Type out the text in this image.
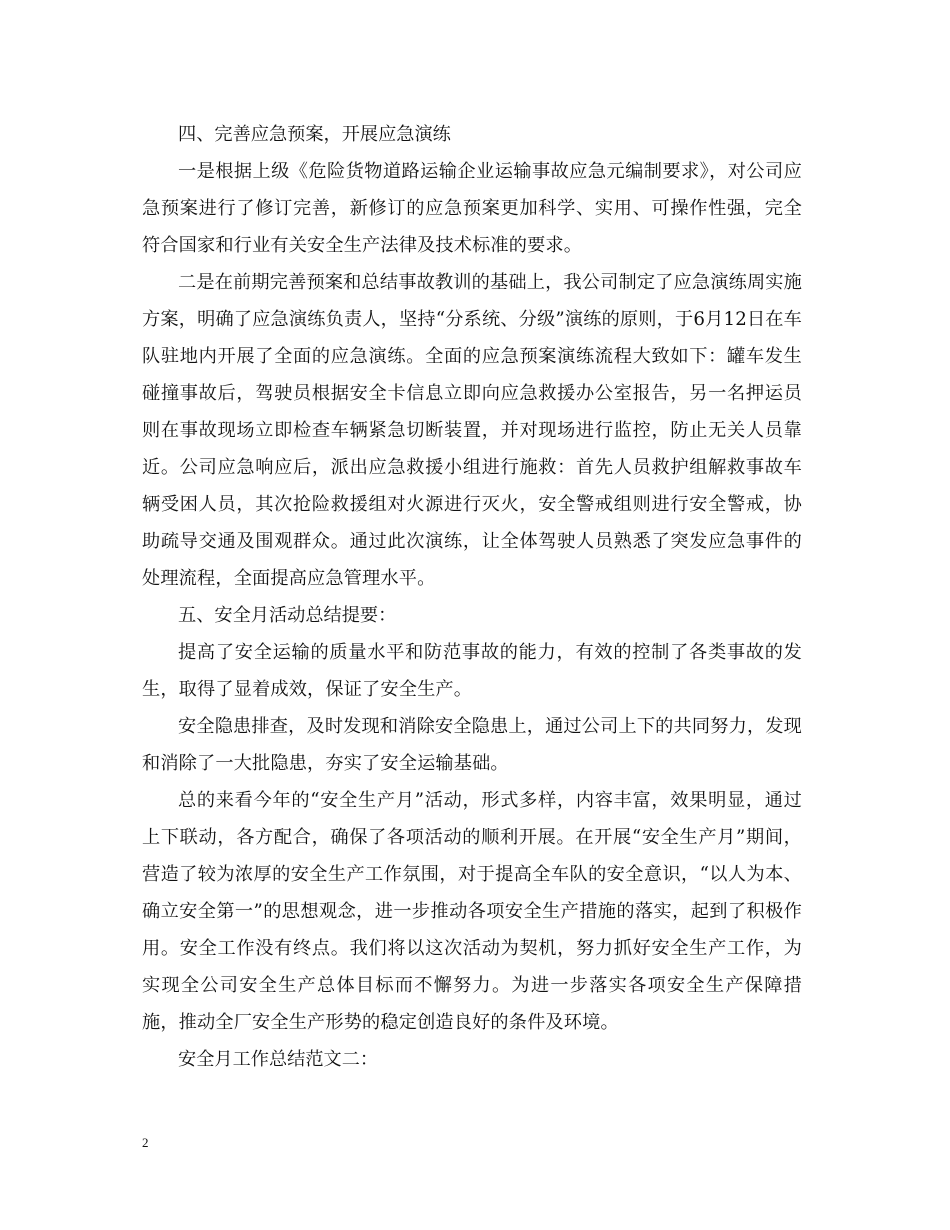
四、完善应急预案，开展应急演练

一是根据上级《危险货物道路运输企业运输事故应急元编制要求》，对公司应急预案进行了修订完善，新修订的应急预案更加科学、实用、可操作性强，完全符合国家和行业有关安全生产法律及技术标准的要求。

二是在前期完善预案和总结事故教训的基础上，我公司制定了应急演练周实施方案，明确了应急演练负责人，坚持“分系统、分级”演练的原则，于6月12日在车队驻地内开展了全面的应急演练。全面的应急预案演练流程大致如下：罐车发生碰撞事故后，驾驶员根据安全卡信息立即向应急救援办公室报告，另一名押运员则在事故现场立即检查车辆紧急切断装置，并对现场进行监控，防止无关人员靠近。公司应急响应后，派出应急救援小组进行施救：首先人员救护组解救事故车辆受困人员，其次抢险救援组对火源进行灭火，安全警戒组则进行安全警戒，协助疏导交通及围观群众。通过此次演练，让全体驾驶人员熟悉了突发应急事件的处理流程，全面提高应急管理水平。

五、安全月活动总结提要：

提高了安全运输的质量水平和防范事故的能力，有效的控制了各类事故的发生，取得了显着成效，保证了安全生产。

安全隐患排查，及时发现和消除安全隐患上，通过公司上下的共同努力，发现和消除了一大批隐患，夯实了安全运输基础。

总的来看今年的“安全生产月”活动，形式多样，内容丰富，效果明显，通过上下联动，各方配合，确保了各项活动的顺利开展。在开展“安全生产月”期间，营造了较为浓厚的安全生产工作氛围，对于提高全车队的安全意识，“以人为本、确立安全第一”的思想观念，进一步推动各项安全生产措施的落实，起到了积极作用。安全工作没有终点。我们将以这次活动为契机，努力抓好安全生产工作，为实现全公司安全生产总体目标而不懈努力。为进一步落实各项安全生产保障措施，推动全厂安全生产形势的稳定创造良好的条件及环境。

安全月工作总结范文二：

2
